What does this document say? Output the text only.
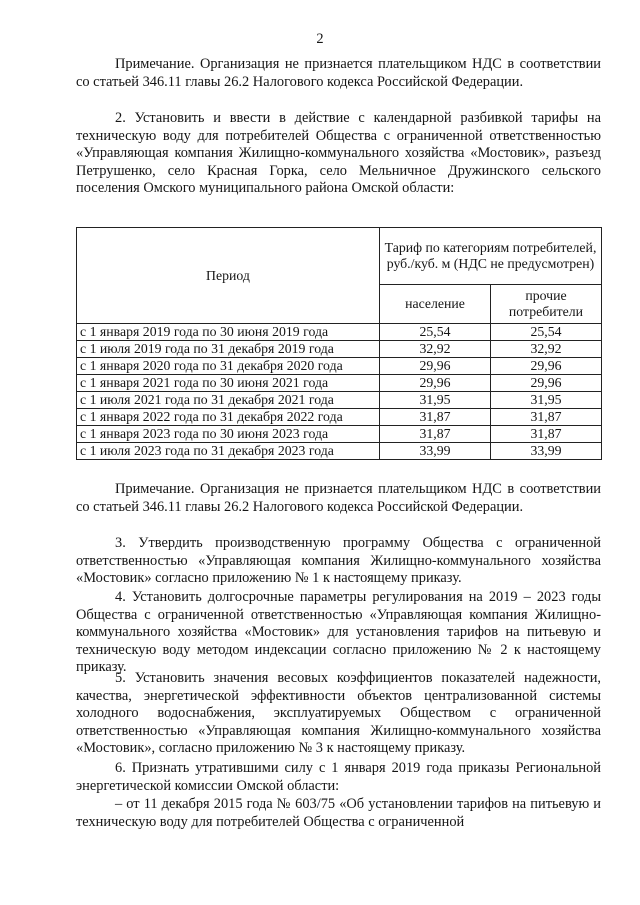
2

Примечание. Организация не признается плательщиком НДС в соответствии со статьей 346.11 главы 26.2 Налогового кодекса Российской Федерации.

2. Установить и ввести в действие с календарной разбивкой тарифы на техническую воду для потребителей Общества с ограниченной ответственностью «Управляющая компания Жилищно-коммунального хозяйства «Мостовик», разъезд Петрушенко, село Красная Горка, село Мельничное Дружинского сельского поселения Омского муниципального района Омской области:

Период	Тариф по категориям потребителей, руб./куб. м (НДС не предусмотрен)	
	население	прочие потребители
с 1 января 2019 года по 30 июня 2019 года	25,54	25,54
с 1 июля 2019 года по 31 декабря 2019 года	32,92	32,92
с 1 января 2020 года по 31 декабря 2020 года	29,96	29,96
с 1 января 2021 года по 30 июня 2021 года	29,96	29,96
с 1 июля 2021 года по 31 декабря 2021 года	31,95	31,95
с 1 января 2022 года по 31 декабря 2022 года	31,87	31,87
с 1 января 2023 года по 30 июня 2023 года	31,87	31,87
с 1 июля 2023 года по 31 декабря 2023 года	33,99	33,99

Примечание. Организация не признается плательщиком НДС в соответствии со статьей 346.11 главы 26.2 Налогового кодекса Российской Федерации.

3. Утвердить производственную программу Общества с ограниченной ответственностью «Управляющая компания Жилищно-коммунального хозяйства «Мостовик» согласно приложению № 1 к настоящему приказу.

4. Установить долгосрочные параметры регулирования на 2019 – 2023 годы Общества с ограниченной ответственностью «Управляющая компания Жилищно-коммунального хозяйства «Мостовик» для установления тарифов на питьевую и техническую воду методом индексации согласно приложению № 2 к настоящему приказу.

5. Установить значения весовых коэффициентов показателей надежности, качества, энергетической эффективности объектов централизованной системы холодного водоснабжения, эксплуатируемых Обществом с ограниченной ответственностью «Управляющая компания Жилищно-коммунального хозяйства «Мостовик», согласно приложению № 3 к настоящему приказу.

6. Признать утратившими силу с 1 января 2019 года приказы Региональной энергетической комиссии Омской области:

– от 11 декабря 2015 года № 603/75 «Об установлении тарифов на питьевую и техническую воду для потребителей Общества с ограниченной
